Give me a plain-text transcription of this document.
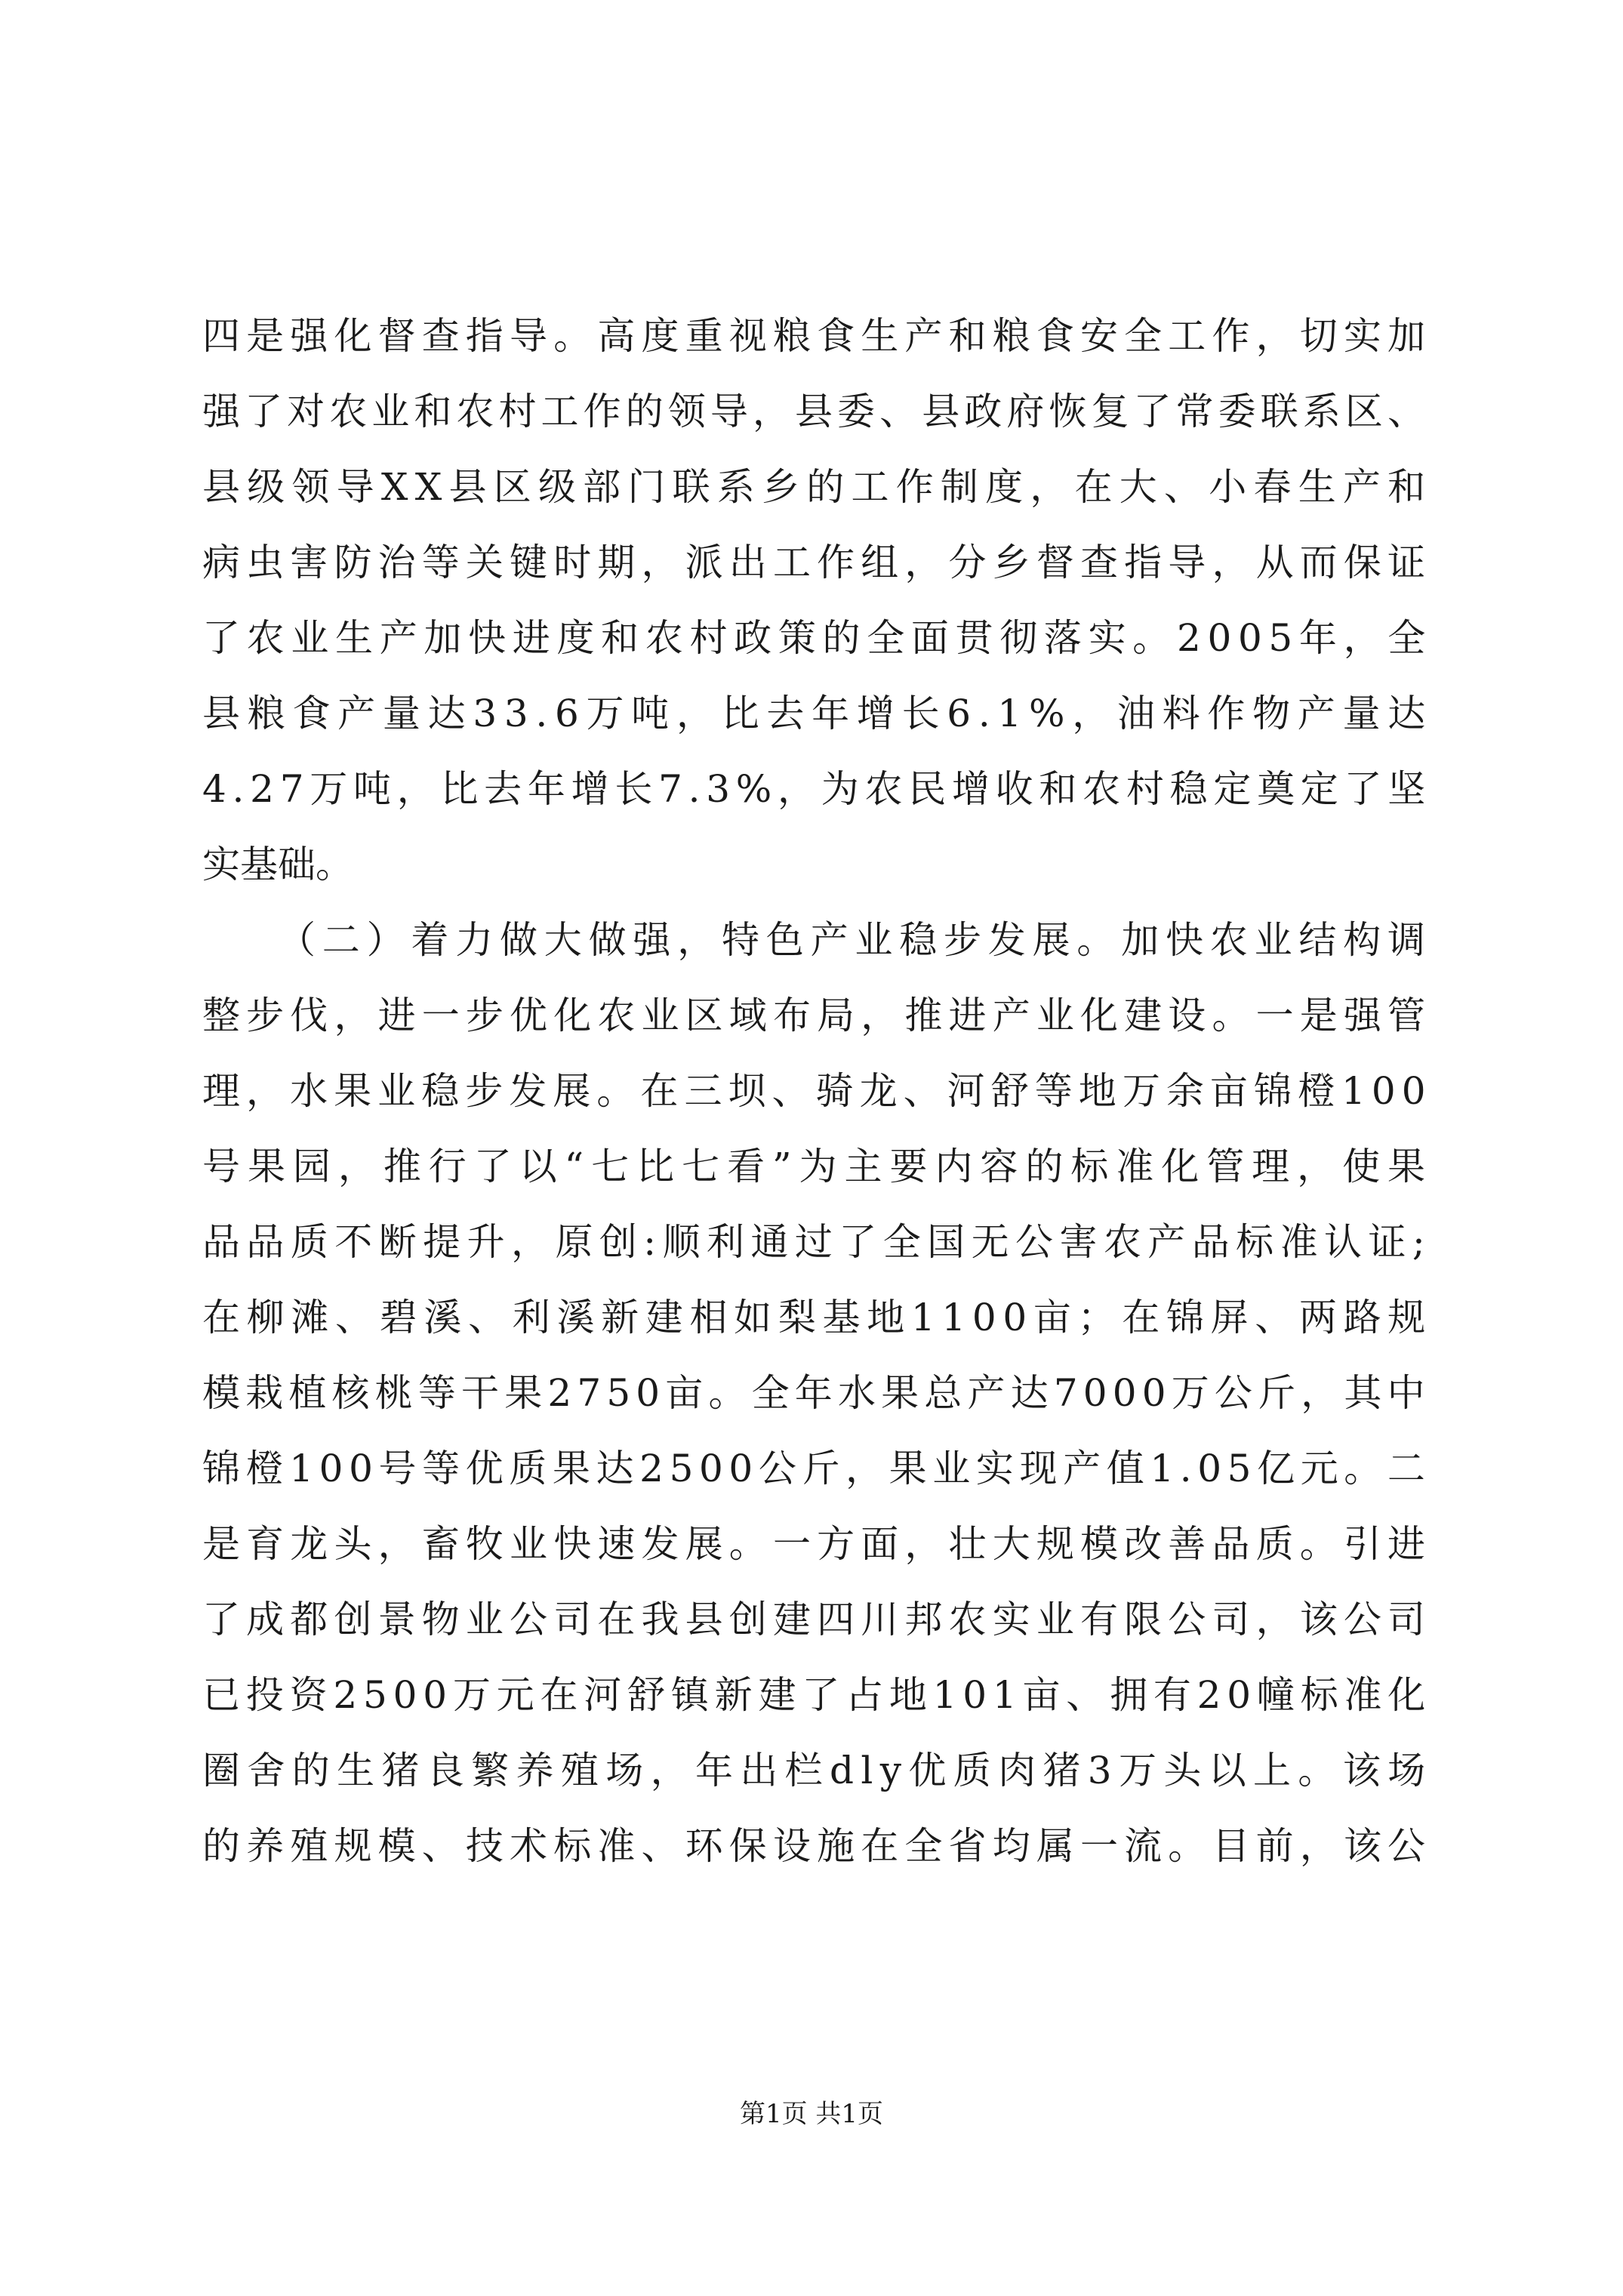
四是强化督查指导。高度重视粮食生产和粮食安全工作，切实加
强了对农业和农村工作的领导，县委、县政府恢复了常委联系区、
县级领导XX县区级部门联系乡的工作制度，在大、小春生产和
病虫害防治等关键时期，派出工作组，分乡督查指导，从而保证
了农业生产加快进度和农村政策的全面贯彻落实。2005年，全
县粮食产量达33.6万吨，比去年增长6.1%，油料作物产量达
4.27万吨，比去年增长7.3%，为农民增收和农村稳定奠定了坚
实基础。
（二）着力做大做强，特色产业稳步发展。加快农业结构调
整步伐，进一步优化农业区域布局，推进产业化建设。一是强管
理，水果业稳步发展。在三坝、骑龙、河舒等地万余亩锦橙100
号果园，推行了以“七比七看”为主要内容的标准化管理，使果
品品质不断提升，原创:顺利通过了全国无公害农产品标准认证;
在柳滩、碧溪、利溪新建相如梨基地1100亩；在锦屏、两路规
模栽植核桃等干果2750亩。全年水果总产达7000万公斤，其中
锦橙100号等优质果达2500公斤，果业实现产值1.05亿元。二
是育龙头，畜牧业快速发展。一方面，壮大规模改善品质。引进
了成都创景物业公司在我县创建四川邦农实业有限公司，该公司
已投资2500万元在河舒镇新建了占地101亩、拥有20幢标准化
圈舍的生猪良繁养殖场，年出栏dly优质肉猪3万头以上。该场
的养殖规模、技术标准、环保设施在全省均属一流。目前，该公
第1页 共1页
